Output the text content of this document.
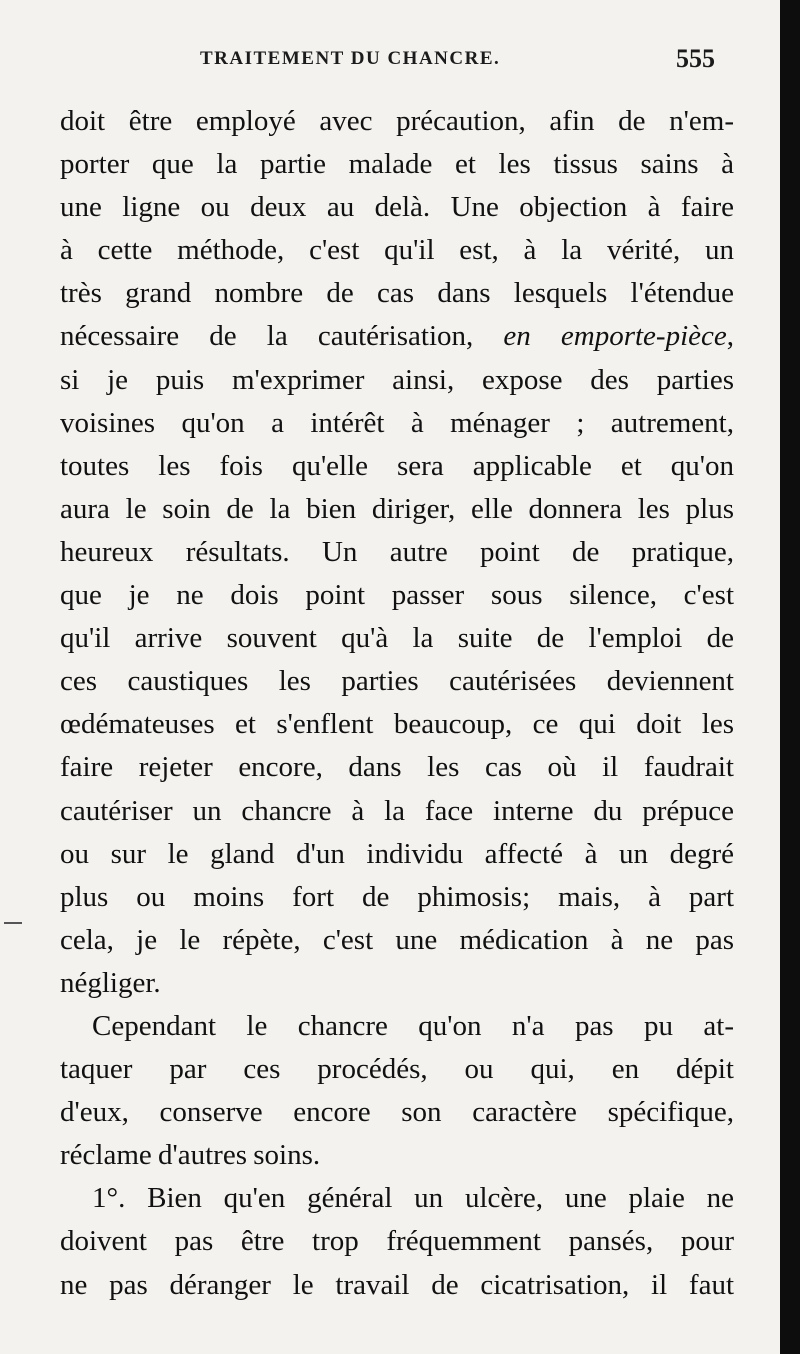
TRAITEMENT DU CHANCRE.	555
doit être employé avec précaution, afin de n'em-
porter que la partie malade et les tissus sains à
une ligne ou deux au delà. Une objection à faire
à cette méthode, c'est qu'il est, à la vérité, un
très grand nombre de cas dans lesquels l'étendue
nécessaire de la cautérisation, en emporte-pièce,
si je puis m'exprimer ainsi, expose des parties
voisines qu'on a intérêt à ménager ; autrement,
toutes les fois qu'elle sera applicable et qu'on
aura le soin de la bien diriger, elle donnera les plus
heureux résultats. Un autre point de pratique,
que je ne dois point passer sous silence, c'est
qu'il arrive souvent qu'à la suite de l'emploi de
ces caustiques les parties cautérisées deviennent
œdémateuses et s'enflent beaucoup, ce qui doit les
faire rejeter encore, dans les cas où il faudrait
cautériser un chancre à la face interne du prépuce
ou sur le gland d'un individu affecté à un degré
plus ou moins fort de phimosis; mais, à part
cela, je le répète, c'est une médication à ne pas
négliger.
Cependant le chancre qu'on n'a pas pu at-
taquer par ces procédés, ou qui, en dépit
d'eux, conserve encore son caractère spécifique,
réclame d'autres soins.
1°. Bien qu'en général un ulcère, une plaie ne
doivent pas être trop fréquemment pansés, pour
ne pas déranger le travail de cicatrisation, il faut
